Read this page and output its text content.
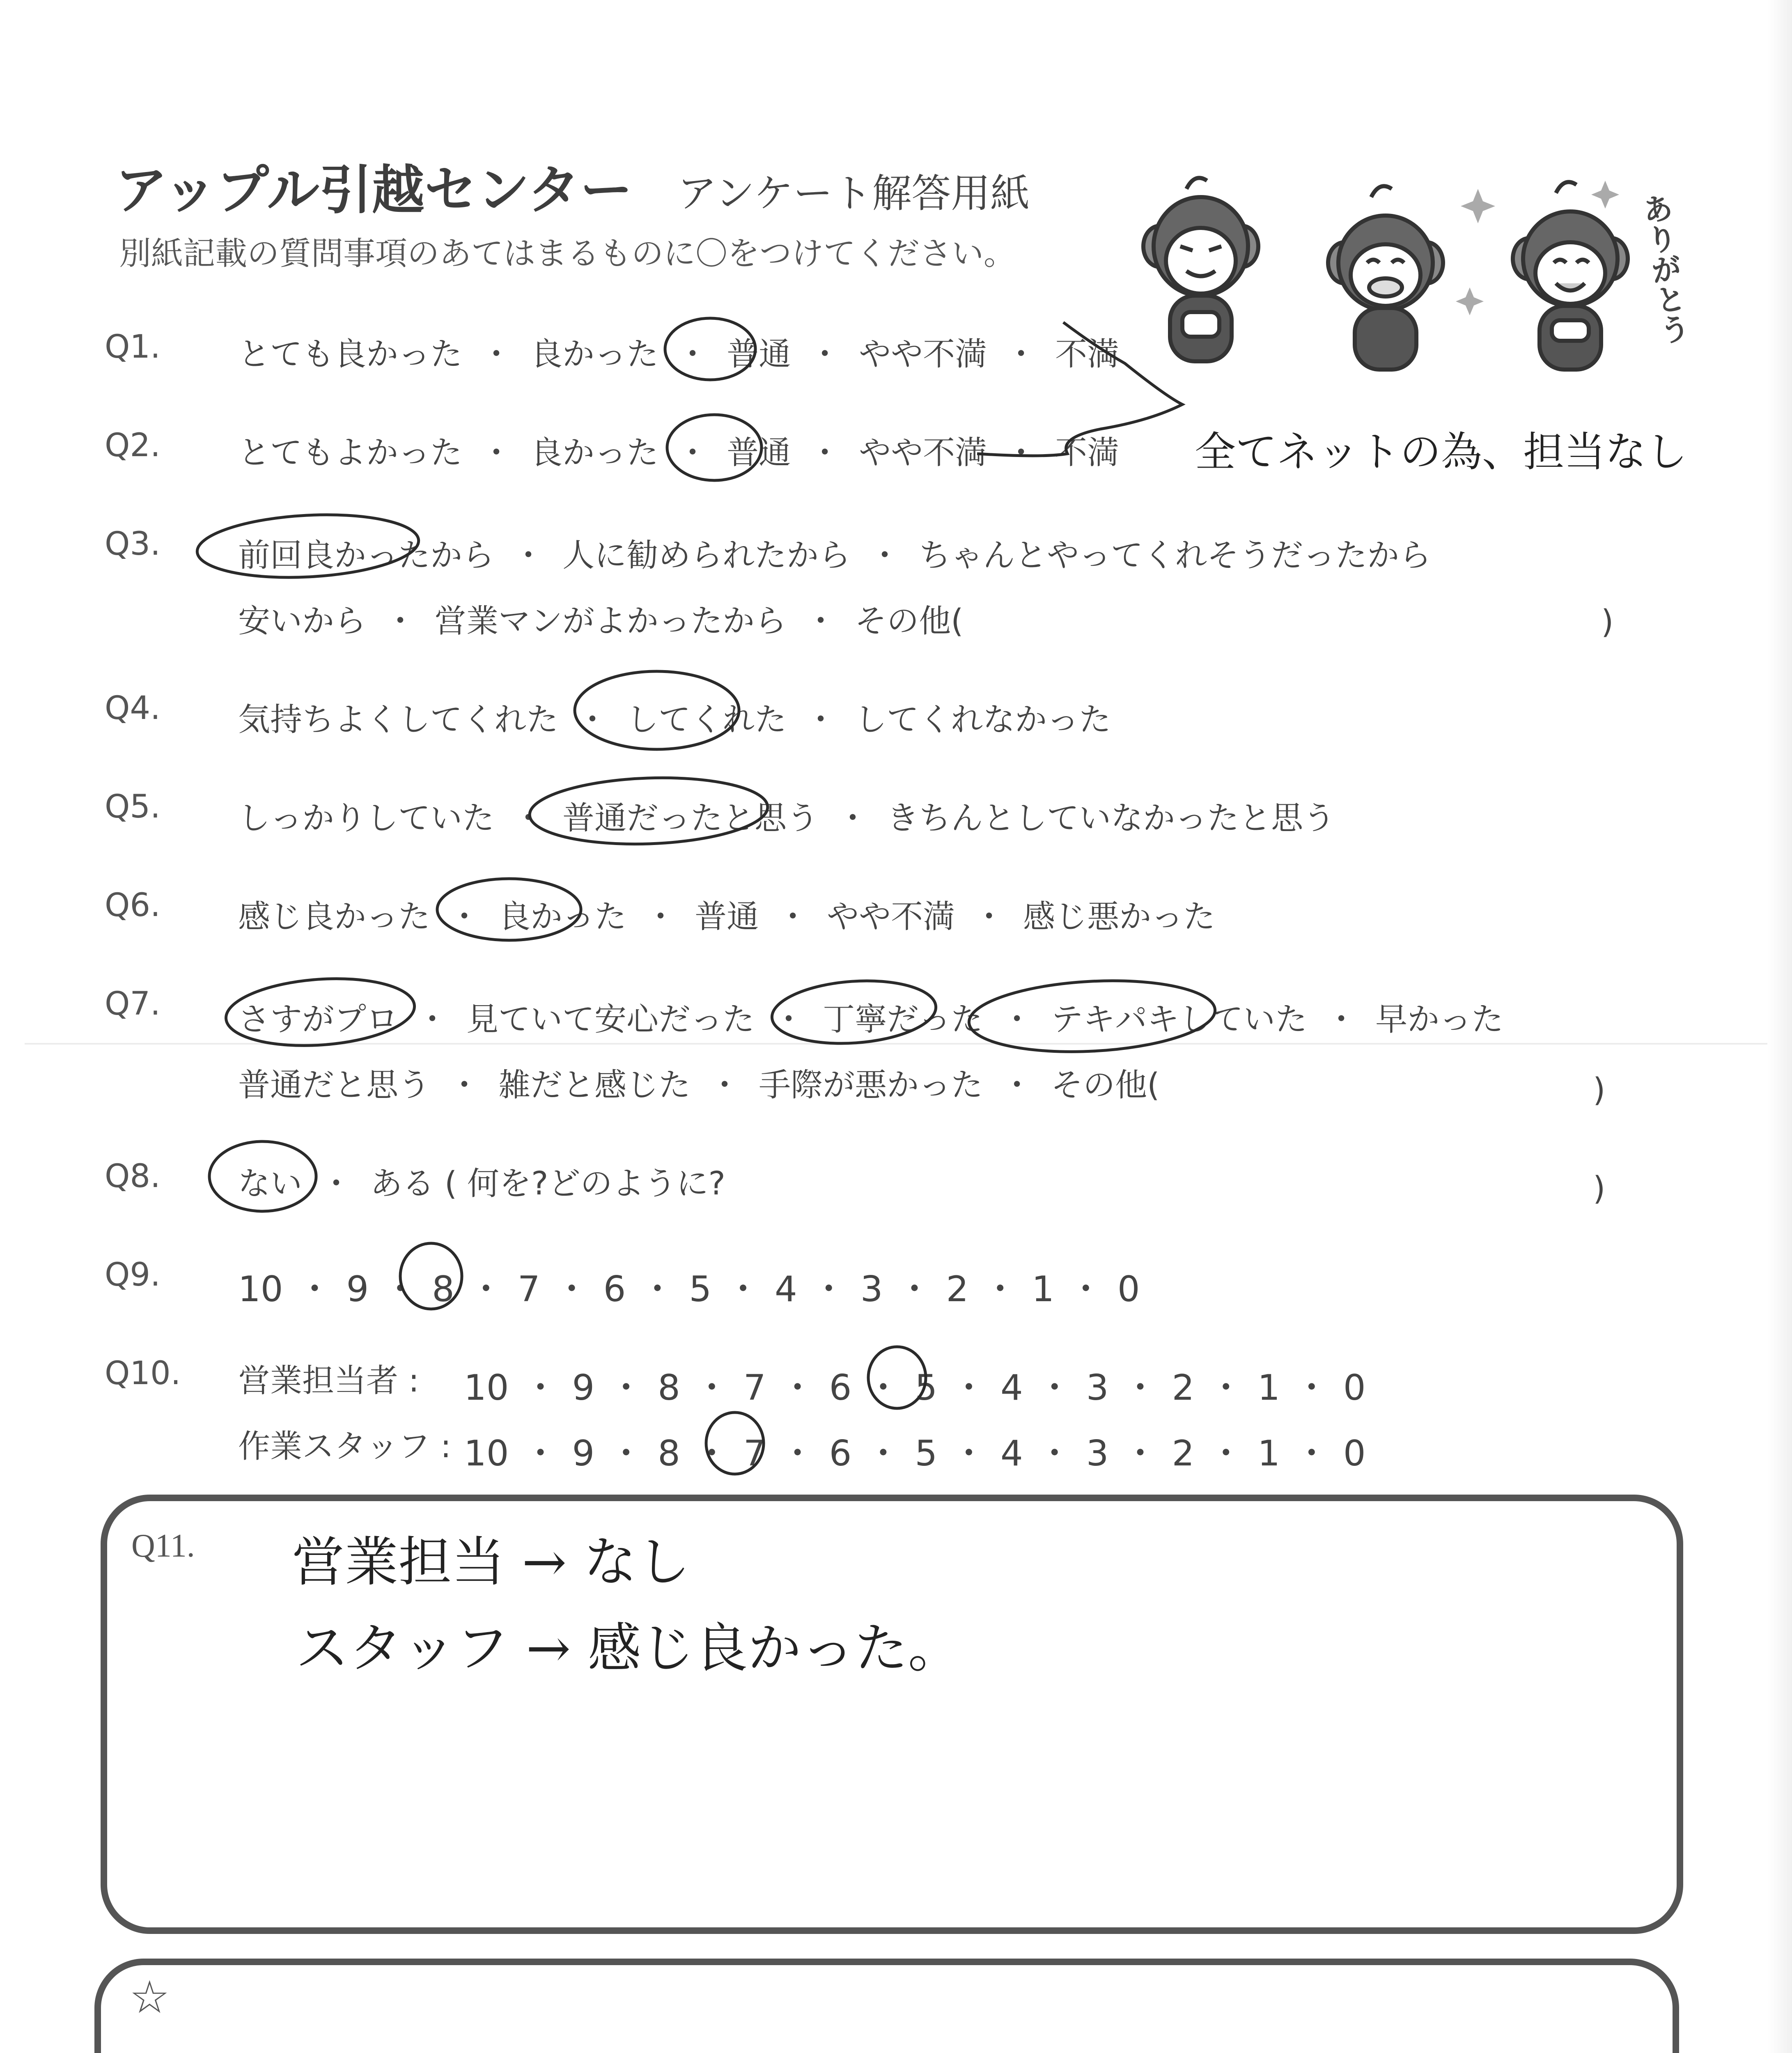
アップル引越センター アンケート解答用紙
別紙記載の質問事項のあてはまるものに〇をつけてください。	ありがとう
Q1. とても良かった ・ 良かった ・ 普通 ・ やや不満 ・ 不満
Q2. とてもよかった ・ 良かった ・ 普通 ・ やや不満 ・ 不満
Q3. 前回良かったから ・ 人に勧められたから ・ ちゃんとやってくれそうだったから
安いから ・ 営業マンがよかったから ・ その他(	)
Q4. 気持ちよくしてくれた ・ してくれた ・ してくれなかった
Q5. しっかりしていた ・ 普通だったと思う ・ きちんとしていなかったと思う
Q6. 感じ良かった ・ 良かった ・ 普通 ・ やや不満 ・ 感じ悪かった
Q7. さすがプロ ・ 見ていて安心だった ・ 丁寧だった ・ テキパキしていた ・ 早かった
普通だと思う ・ 雑だと感じた ・ 手際が悪かった ・ その他(	)
Q8. ない ・ ある ( 何を?どのように?	)
Q9. 10 ・ 9 ・ 8 ・ 7 ・ 6 ・ 5 ・ 4 ・ 3 ・ 2 ・ 1 ・ 0
Q10. 営業担当者 : 10 ・ 9 ・ 8 ・ 7 ・ 6 ・ 5 ・ 4 ・ 3 ・ 2 ・ 1 ・ 0
作業スタッフ : 10 ・ 9 ・ 8 ・ 7 ・ 6 ・ 5 ・ 4 ・ 3 ・ 2 ・ 1 ・ 0
全てネットの為、担当なし
Q11. 営業担当 → なし
スタッフ → 感じ良かった。
☆
